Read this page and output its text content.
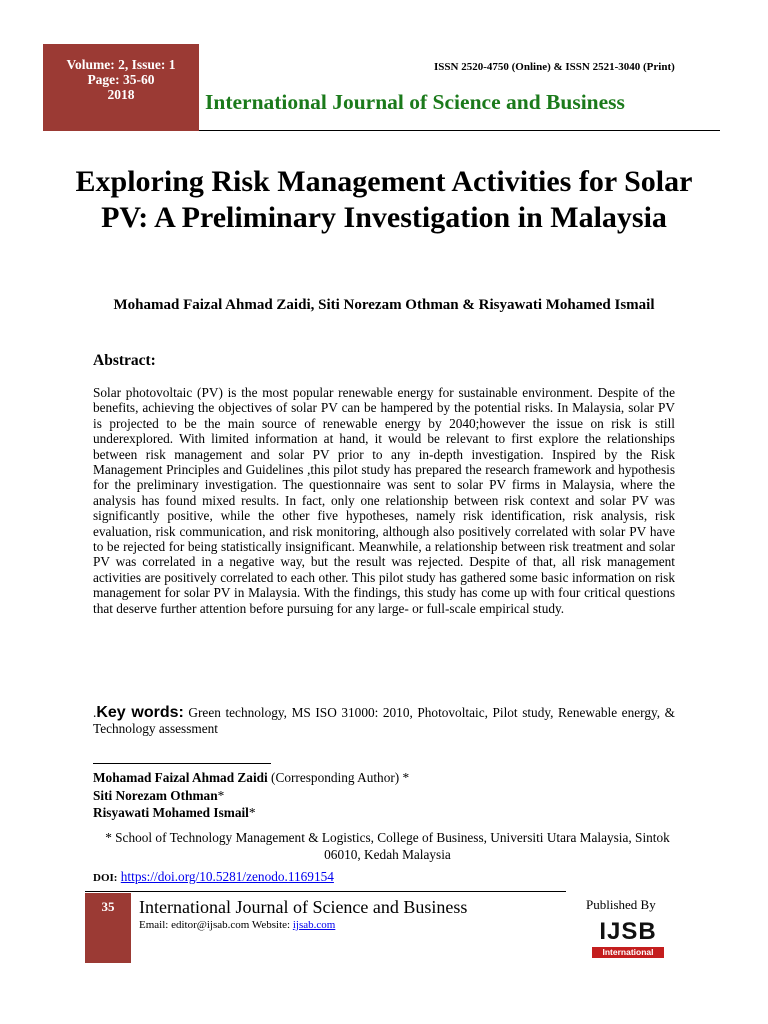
Volume: 2, Issue: 1
Page: 35-60
2018
ISSN 2520-4750 (Online) & ISSN 2521-3040 (Print)
International Journal of Science and Business
Exploring Risk Management Activities for Solar PV: A Preliminary Investigation in Malaysia
Mohamad Faizal Ahmad Zaidi, Siti Norezam Othman & Risyawati Mohamed Ismail
Abstract:

Solar photovoltaic (PV) is the most popular renewable energy for sustainable environment. Despite of the benefits, achieving the objectives of solar PV can be hampered by the potential risks. In Malaysia, solar PV is projected to be the main source of renewable energy by 2040;however the issue on risk is still underexplored. With limited information at hand, it would be relevant to first explore the relationships between risk management and solar PV prior to any in-depth investigation. Inspired by the Risk Management Principles and Guidelines ,this pilot study has prepared the research framework and hypothesis for the preliminary investigation. The questionnaire was sent to solar PV firms in Malaysia, where the analysis has found mixed results. In fact, only one relationship between risk context and solar PV was significantly positive, while the other five hypotheses, namely risk identification, risk analysis, risk evaluation, risk communication, and risk monitoring, although also positively correlated with solar PV have to be rejected for being statistically insignificant. Meanwhile, a relationship between risk treatment and solar PV was correlated in a negative way, but the result was rejected. Despite of that, all risk management activities are positively correlated to each other. This pilot study has gathered some basic information on risk management for solar PV in Malaysia. With the findings, this study has come up with four critical questions that deserve further attention before pursuing for any large- or full-scale empirical study.

.Key words: Green technology, MS ISO 31000: 2010, Photovoltaic, Pilot study, Renewable energy, & Technology assessment

Mohamad Faizal Ahmad Zaidi (Corresponding Author) *
Siti Norezam Othman*
Risyawati Mohamed Ismail*

* School of Technology Management & Logistics, College of Business, Universiti Utara Malaysia, Sintok 06010, Kedah Malaysia

DOI: https://doi.org/10.5281/zenodo.1169154
35	International Journal of Science and Business
Email: editor@ijsab.com Website: ijsab.com
Published By
IJSB
International
